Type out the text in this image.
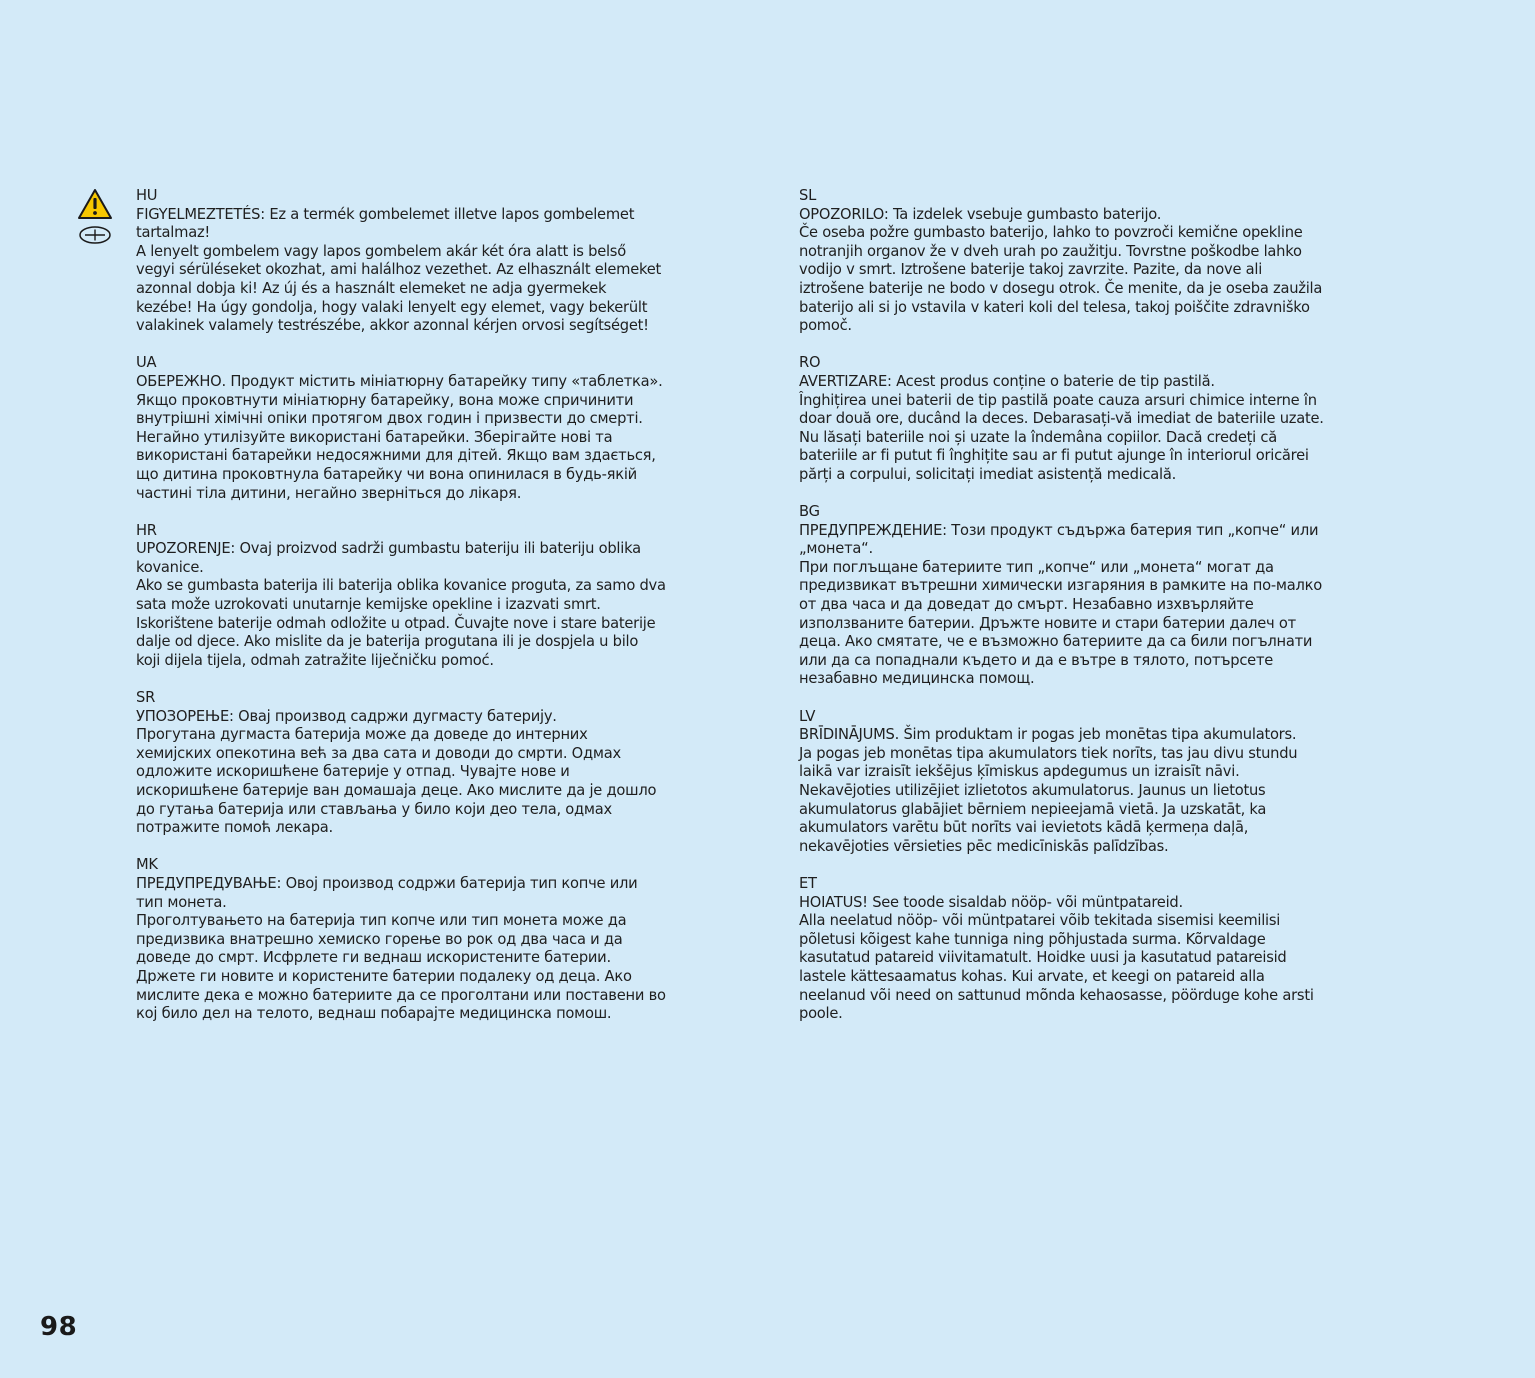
HU

FIGYELMEZTETÉS: Ez a termék gombelemet illetve lapos gombelemet tartalmaz!

A lenyelt gombelem vagy lapos gombelem akár két óra alatt is belső vegyi sérüléseket okozhat, ami halálhoz vezethet. Az elhasznált elemeket azonnal dobja ki! Az új és a használt elemeket ne adja gyermekek kezébe! Ha úgy gondolja, hogy valaki lenyelt egy elemet, vagy bekerült valakinek valamely testrészébe, akkor azonnal kérjen orvosi segítséget!

UA

ОБЕРЕЖНО. Продукт містить мініатюрну батарейку типу «таблетка».

Якщо проковтнути мініатюрну батарейку, вона може спричинити внутрішні хімічні опіки протягом двох годин і призвести до смерті. Негайно утилізуйте використані батарейки. Зберігайте нові та використані батарейки недосяжними для дітей. Якщо вам здається, що дитина проковтнула батарейку чи вона опинилася в будь-якій частині тіла дитини, негайно зверніться до лікаря.

HR

UPOZORENJE: Ovaj proizvod sadrži gumbastu bateriju ili bateriju oblika kovanice.

Ako se gumbasta baterija ili baterija oblika kovanice proguta, za samo dva sata može uzrokovati unutarnje kemijske opekline i izazvati smrt. Iskorištene baterije odmah odložite u otpad. Čuvajte nove i stare baterije dalje od djece. Ako mislite da je baterija progutana ili je dospjela u bilo koji dijela tijela, odmah zatražite liječničku pomoć.

SR

УПОЗОРЕЊЕ: Овај производ садржи дугмасту батерију.

Прогутана дугмаста батерија може да доведе до интерних хемијских опекотина већ за два сата и доводи до смрти. Одмах одложите искоришћене батерије у отпад. Чувајте нове и искоришћене батерије ван домашаја деце. Ако мислите да је дошло до гутања батерија или стављања у било који део тела, одмах потражите помоћ лекара.

MK

ПРЕДУПРЕДУВАЊЕ: Овој производ содржи батерија тип копче или тип монета.

Проголтувањето на батерија тип копче или тип монета може да предизвика внатрешно хемиско горење во рок од два часа и да доведе до смрт. Исфрлете ги веднаш искористените батерии. Држете ги новите и користените батерии подалеку од деца. Ако мислите дека е можно батериите да се проголтани или поставени во кој било дел на телото, веднаш побарајте медицинска помош.

SL

OPOZORILO: Ta izdelek vsebuje gumbasto baterijo.

Če oseba požre gumbasto baterijo, lahko to povzroči kemične opekline notranjih organov že v dveh urah po zaužitju. Tovrstne poškodbe lahko vodijo v smrt. Iztrošene baterije takoj zavrzite. Pazite, da nove ali iztrošene baterije ne bodo v dosegu otrok. Če menite, da je oseba zaužila baterijo ali si jo vstavila v kateri koli del telesa, takoj poiščite zdravniško pomoč.

RO

AVERTIZARE: Acest produs conține o baterie de tip pastilă.

Înghițirea unei baterii de tip pastilă poate cauza arsuri chimice interne în doar două ore, ducând la deces. Debarasați-vă imediat de bateriile uzate. Nu lăsați bateriile noi și uzate la îndemâna copiilor. Dacă credeți că bateriile ar fi putut fi înghițite sau ar fi putut ajunge în interiorul oricărei părți a corpului, solicitați imediat asistență medicală.

BG

ПРЕДУПРЕЖДЕНИЕ: Този продукт съдържа батерия тип „копче“ или „монета“.

При поглъщане батериите тип „копче“ или „монета“ могат да предизвикат вътрешни химически изгаряния в рамките на по-малко от два часа и да доведат до смърт. Незабавно изхвърляйте използваните батерии. Дръжте новите и стари батерии далеч от деца. Ако смятате, че е възможно батериите да са били погълнати или да са попаднали където и да е вътре в тялото, потърсете незабавно медицинска помощ.

LV

BRĪDINĀJUMS. Šim produktam ir pogas jeb monētas tipa akumulators.

Ja pogas jeb monētas tipa akumulators tiek norīts, tas jau divu stundu laikā var izraisīt iekšējus ķīmiskus apdegumus un izraisīt nāvi. Nekavējoties utilizējiet izlietotos akumulatorus. Jaunus un lietotus akumulatorus glabājiet bērniem nepieejamā vietā. Ja uzskatāt, ka akumulators varētu būt norīts vai ievietots kādā ķermeņa daļā, nekavējoties vērsieties pēc medicīniskās palīdzības.

ET

HOIATUS! See toode sisaldab nööp- või müntpatareid.

Alla neelatud nööp- või müntpatarei võib tekitada sisemisi keemilisi põletusi kõigest kahe tunniga ning põhjustada surma. Kõrvaldage kasutatud patareid viivitamatult. Hoidke uusi ja kasutatud patareisid lastele kättesaamatus kohas. Kui arvate, et keegi on patareid alla neelanud või need on sattunud mõnda kehaosasse, pöörduge kohe arsti poole.

98
